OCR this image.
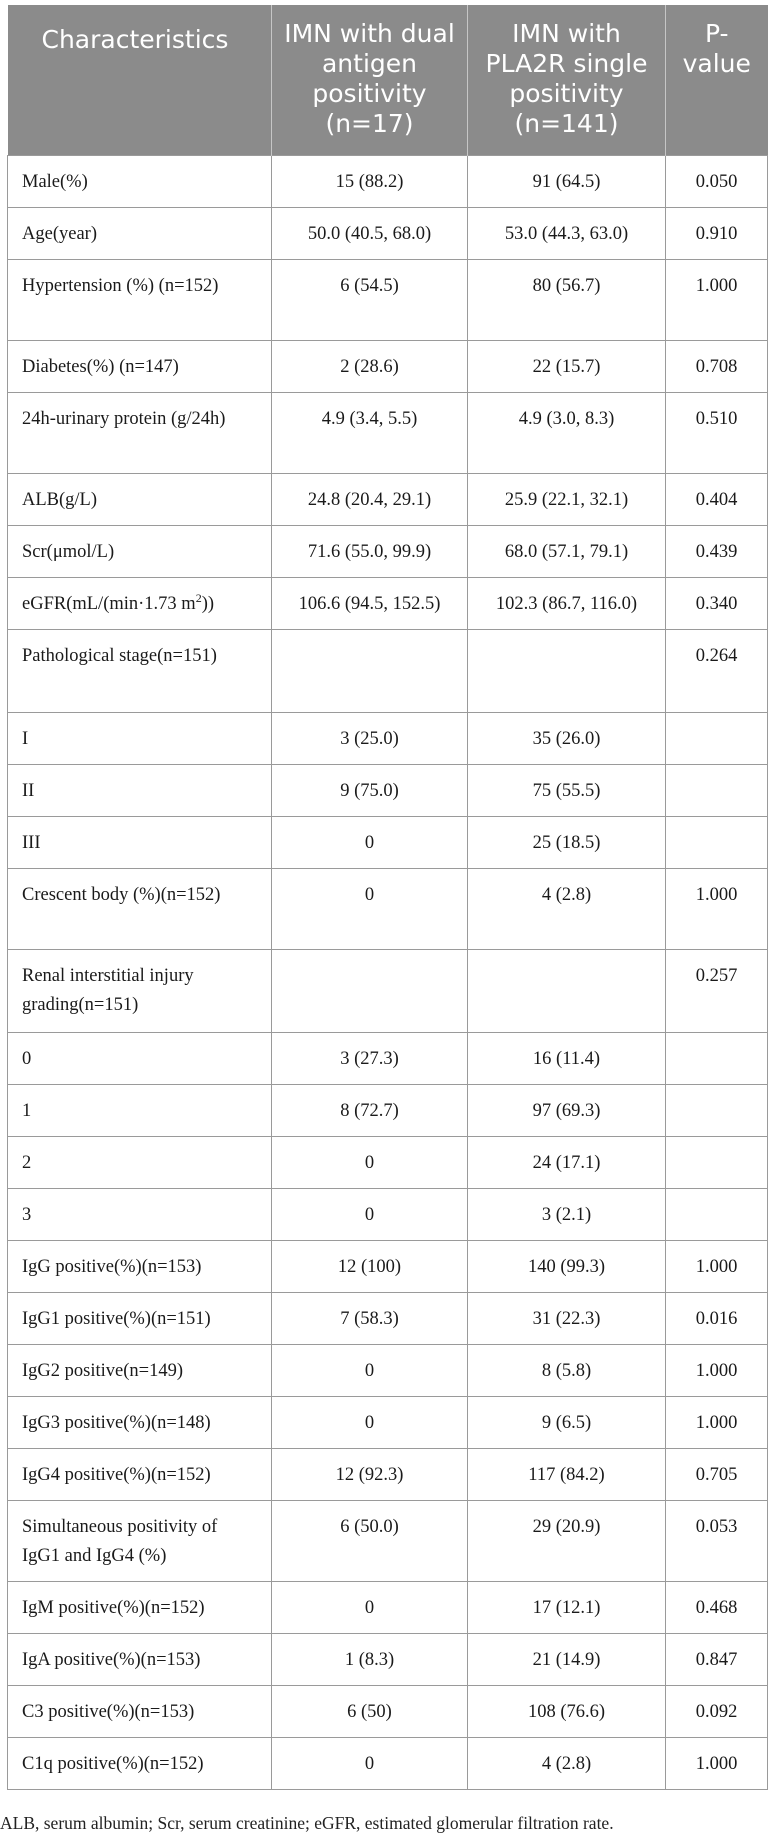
Characteristics	IMN with dual antigen positivity (n=17)	IMN with PLA2R single positivity (n=141)	P-value
Male(%)	15 (88.2)	91 (64.5)	0.050
Age(year)	50.0 (40.5, 68.0)	53.0 (44.3, 63.0)	0.910
Hypertension (%) (n=152)	6 (54.5)	80 (56.7)	1.000
Diabetes(%) (n=147)	2 (28.6)	22 (15.7)	0.708
24h-urinary protein (g/24h)	4.9 (3.4, 5.5)	4.9 (3.0, 8.3)	0.510
ALB(g/L)	24.8 (20.4, 29.1)	25.9 (22.1, 32.1)	0.404
Scr(μmol/L)	71.6 (55.0, 99.9)	68.0 (57.1, 79.1)	0.439
eGFR(mL/(min·1.73 $m^2$))	106.6 (94.5, 152.5)	102.3 (86.7, 116.0)	0.340
Pathological stage(n=151)			0.264
I	3 (25.0)	35 (26.0)	
II	9 (75.0)	75 (55.5)	
III	0	25 (18.5)	
Crescent body (%)(n=152)	0	4 (2.8)	1.000
Renal interstitial injury grading(n=151)			0.257
0	3 (27.3)	16 (11.4)	
1	8 (72.7)	97 (69.3)	
2	0	24 (17.1)	
3	0	3 (2.1)	
IgG positive(%)(n=153)	12 (100)	140 (99.3)	1.000
IgG1 positive(%)(n=151)	7 (58.3)	31 (22.3)	0.016
IgG2 positive(n=149)	0	8 (5.8)	1.000
IgG3 positive(%)(n=148)	0	9 (6.5)	1.000
IgG4 positive(%)(n=152)	12 (92.3)	117 (84.2)	0.705
Simultaneous positivity of IgG1 and IgG4 (%)	6 (50.0)	29 (20.9)	0.053
IgM positive(%)(n=152)	0	17 (12.1)	0.468
IgA positive(%)(n=153)	1 (8.3)	21 (14.9)	0.847
C3 positive(%)(n=153)	6 (50)	108 (76.6)	0.092
C1q positive(%)(n=152)	0	4 (2.8)	1.000
ALB, serum albumin; Scr, serum creatinine; eGFR, estimated glomerular filtration rate.
